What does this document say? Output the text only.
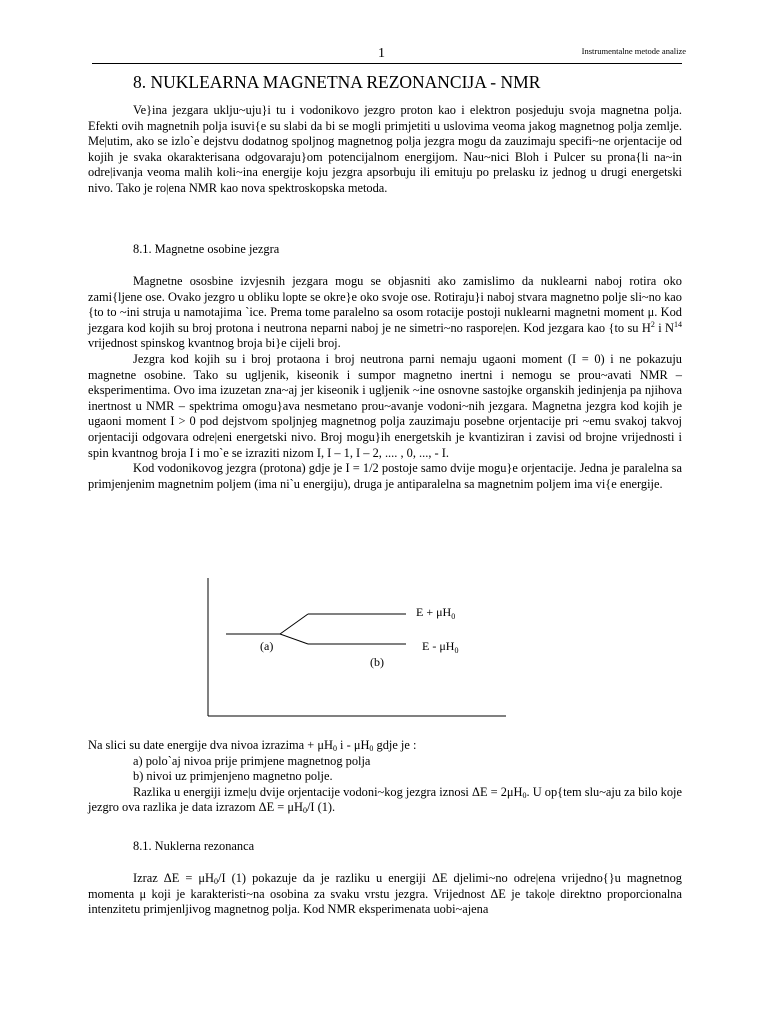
1	Instrumentalne metode analize
8. NUKLEARNA MAGNETNA REZONANCIJA - NMR

Ve}ina jezgara uklju~uju}i tu i vodonikovo jezgro proton kao i elektron posjeduju svoja magnetna polja. Efekti ovih magnetnih polja isuvi{e su slabi da bi se mogli primjetiti u uslovima veoma jakog magnetnog polja zemlje. Me|utim, ako se izlo`e dejstvu dodatnog spoljnog magnetnog polja jezgra mogu da zauzimaju specifi~ne orjentacije od kojih je svaka okarakterisana odgovaraju}om potencijalnom energijom. Nau~nici Bloh i Pulcer su prona{li na~in odre|ivanja veoma malih koli~ina energije koju jezgra apsorbuju ili emituju po prelasku iz jednog u drugi energetski nivo. Tako je ro|ena NMR kao nova spektroskopska metoda.

8.1. Magnetne osobine jezgra

Magnetne ososbine izvjesnih jezgara mogu se objasniti ako zamislimo da nuklearni naboj rotira oko zami{ljene ose. Ovako jezgro u obliku lopte se okre}e oko svoje ose. Rotiraju}i naboj stvara magnetno polje sli~no kao {to to ~ini struja u namotajima `ice. Prema tome paralelno sa osom rotacije postoji nuklearni magnetni moment μ. Kod jezgara kod kojih su broj protona i neutrona neparni naboj je ne simetri~no raspore|en. Kod jezgara kao {to su $H^2$ i $N^{14}$ vrijednost spinskog kvantnog broja bi}e cijeli broj.

Jezgra kod kojih su i broj protaona i broj neutrona parni nemaju ugaoni moment (I = 0) i ne pokazuju magnetne osobine. Tako su ugljenik, kiseonik i sumpor magnetno inertni i nemogu se prou~avati NMR – eksperimentima. Ovo ima izuzetan zna~aj jer kiseonik i ugljenik ~ine osnovne sastojke organskih jedinjenja pa njihova inertnost u NMR – spektrima omogu}ava nesmetano prou~avanje vodoni~nih jezgara. Magnetna jezgra kod kojih je ugaoni moment I > 0 pod dejstvom spoljnjeg magnetnog polja zauzimaju posebne orjentacije pri ~emu svakoj takvoj orjentaciji odgovara odre|eni energetski nivo. Broj mogu}ih energetskih je kvantiziran i zavisi od brojne vrijednosti i spin kvantnog broja I i mo`e se izraziti nizom I, I – 1, I – 2, .... , 0, ..., - I.

Kod vodonikovog jezgra (protona) gdje je I = 1/2 postoje samo dvije mogu}e orjentacije. Jedna je paralelna sa primjenjenim magnetnim poljem (ima ni`u energiju), druga je antiparalelna sa magnetnim poljem ima vi{e energije.

$E + \mu H_0$
E - $\mu H_0$
(a)
(b)

Na slici su date energije dva nivoa izrazima + $\mu H_0$ i - $\mu H_0$ gdje je :

a) polo`aj nivoa prije primjene magnetnog polja

b) nivoi uz primjenjeno magnetno polje.

Razlika u energiji izme|u dvije orjentacije vodoni~kog jezgra iznosi $\Delta E = 2\mu H_0$. U op{tem slu~aju za bilo koje jezgro ova razlika je data izrazom $\Delta E = \mu H_0/I$ (1).

8.1. Nuklerna rezonanca

Izraz $\Delta E = \mu H_0/I$ (1) pokazuje da je razliku u energiji ΔE djelimi~no odre|ena vrijedno{}u magnetnog momenta μ koji je karakteristi~na osobina za svaku vrstu jezgra. Vrijednost ΔE je tako|e direktno proporcionalna intenzitetu primjenljivog magnetnog polja. Kod NMR eksperimenata uobi~ajena
